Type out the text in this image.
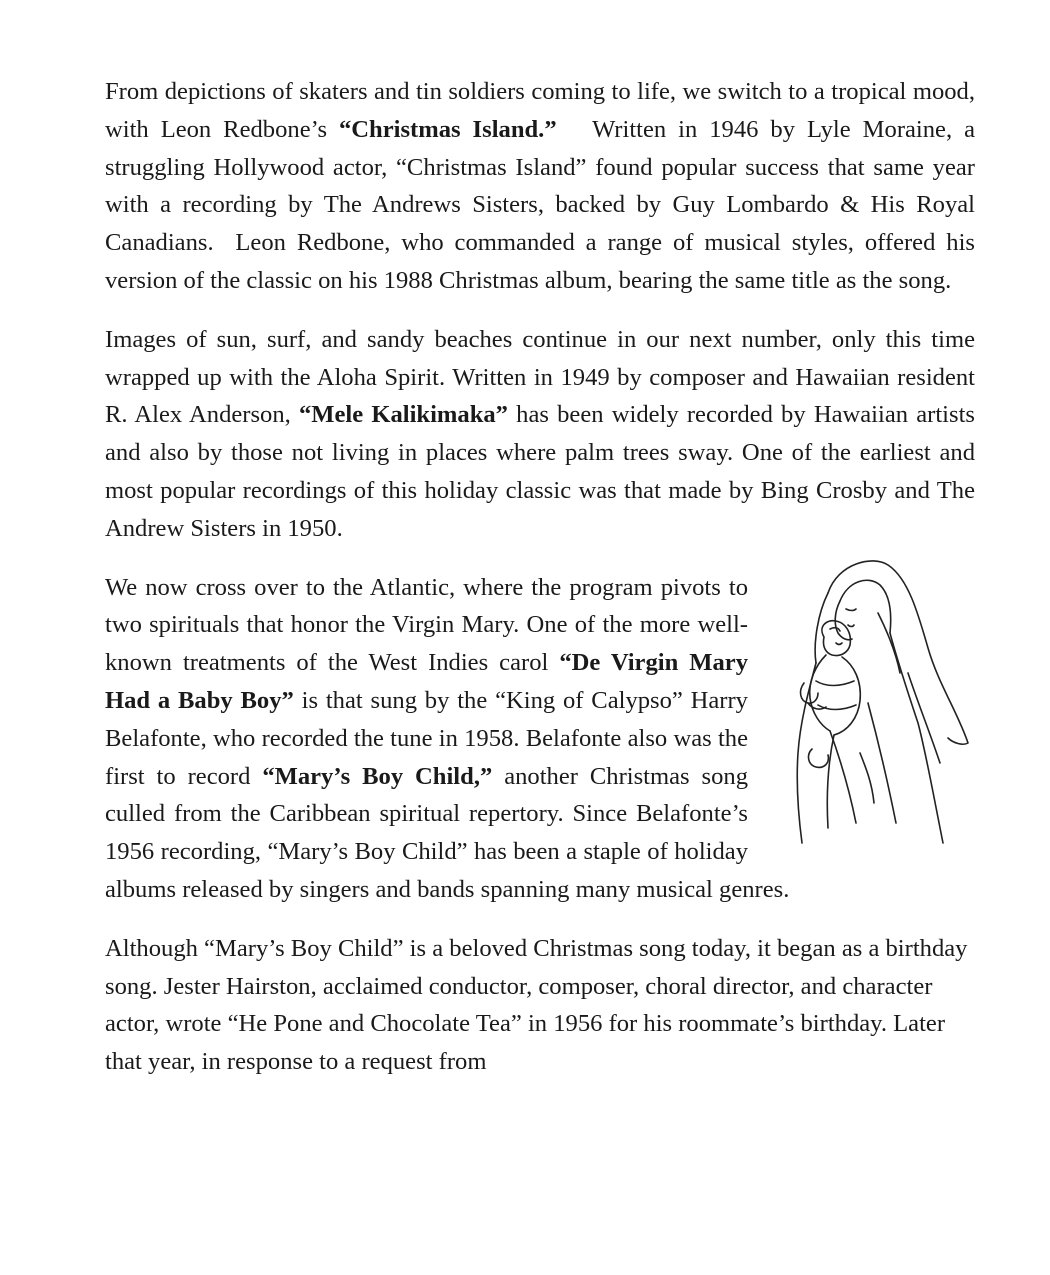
From depictions of skaters and tin soldiers coming to life, we switch to a tropical mood, with Leon Redbone’s “Christmas Island.”   Written in 1946 by Lyle Moraine, a struggling Hollywood actor, “Christmas Island” found popular success that same year with a recording by The Andrews Sisters, backed by Guy Lombardo & His Royal Canadians.  Leon Redbone, who commanded a range of musical styles, offered his version of the classic on his 1988 Christmas album, bearing the same title as the song.

Images of sun, surf, and sandy beaches continue in our next number, only this time wrapped up with the Aloha Spirit. Written in 1949 by composer and Hawaiian resident R. Alex Anderson, “Mele Kalikimaka” has been widely recorded by Hawaiian artists and also by those not living in places where palm trees sway. One of the earliest and most popular recordings of this holiday classic was that made by Bing Crosby and The Andrew Sisters in 1950.

We now cross over to the Atlantic, where the program pivots to two spirituals that honor the Virgin Mary. One of the more well-known treatments of the West Indies carol “De Virgin Mary Had a Baby Boy” is that sung by the “King of Calypso” Harry Belafonte, who recorded the tune in 1958. Belafonte also was the first to record “Mary’s Boy Child,” another Christmas song culled from the Caribbean spiritual repertory. Since Belafonte’s 1956 recording, “Mary’s Boy Child” has been a staple of holiday albums released by singers and bands spanning many musical genres.

Although “Mary’s Boy Child” is a beloved Christmas song today, it began as a birthday song. Jester Hairston, acclaimed conductor, composer, choral director, and character actor, wrote “He Pone and Chocolate Tea” in 1956 for his roommate’s birthday. Later that year, in response to a request from
